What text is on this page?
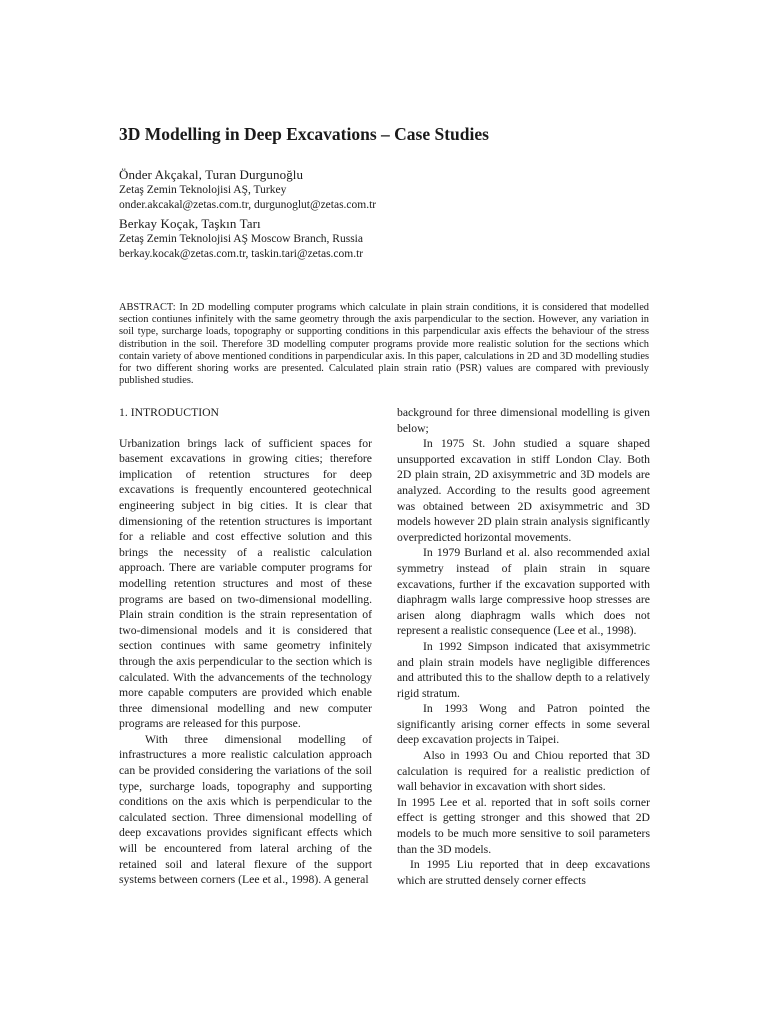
3D Modelling in Deep Excavations – Case Studies

Önder Akçakal, Turan Durgunoğlu

Zetaş Zemin Teknolojisi AŞ, Turkey

onder.akcakal@zetas.com.tr, durgunoglut@zetas.com.tr

Berkay Koçak, Taşkın Tarı

Zetaş Zemin Teknolojisi AŞ Moscow Branch, Russia

berkay.kocak@zetas.com.tr, taskin.tari@zetas.com.tr

ABSTRACT: In 2D modelling computer programs which calculate in plain strain conditions, it is considered that modelled section contiunes infinitely with the same geometry through the axis parpendicular to the section. However, any variation in soil type, surcharge loads, topography or supporting conditions in this parpendicular axis effects the behaviour of the stress distribution in the soil. Therefore 3D modelling computer programs provide more realistic solution for the sections which contain variety of above mentioned conditions in parpendicular axis. In this paper, calculations in 2D and 3D modelling studies for two different shoring works are presented. Calculated plain strain ratio (PSR) values are compared with previously published studies.

1. INTRODUCTION

Urbanization brings lack of sufficient spaces for basement excavations in growing cities; therefore implication of retention structures for deep excavations is frequently encountered geotechnical engineering subject in big cities. It is clear that dimensioning of the retention structures is important for a reliable and cost effective solution and this brings the necessity of a realistic calculation approach. There are variable computer programs for modelling retention structures and most of these programs are based on two-dimensional modelling. Plain strain condition is the strain representation of two-dimensional models and it is considered that section continues with same geometry infinitely through the axis perpendicular to the section which is calculated. With the advancements of the technology more capable computers are provided which enable three dimensional modelling and new computer programs are released for this purpose.

With three dimensional modelling of infrastructures a more realistic calculation approach can be provided considering the variations of the soil type, surcharge loads, topography and supporting conditions on the axis which is perpendicular to the calculated section. Three dimensional modelling of deep excavations provides significant effects which will be encountered from lateral arching of the retained soil and lateral flexure of the support systems between corners (Lee et al., 1998). A general

background for three dimensional modelling is given below;

In 1975 St. John studied a square shaped unsupported excavation in stiff London Clay. Both 2D plain strain, 2D axisymmetric and 3D models are analyzed. According to the results good agreement was obtained between 2D axisymmetric and 3D models however 2D plain strain analysis significantly overpredicted horizontal movements.

In 1979 Burland et al. also recommended axial symmetry instead of plain strain in square excavations, further if the excavation supported with diaphragm walls large compressive hoop stresses are arisen along diaphragm walls which does not represent a realistic consequence (Lee et al., 1998).

In 1992 Simpson indicated that axisymmetric and plain strain models have negligible differences and attributed this to the shallow depth to a relatively rigid stratum.

In 1993 Wong and Patron pointed the significantly arising corner effects in some several deep excavation projects in Taipei.

Also in 1993 Ou and Chiou reported that 3D calculation is required for a realistic prediction of wall behavior in excavation with short sides.

In 1995 Lee et al. reported that in soft soils corner effect is getting stronger and this showed that 2D models to be much more sensitive to soil parameters than the 3D models.

In 1995 Liu reported that in deep excavations which are strutted densely corner effects
